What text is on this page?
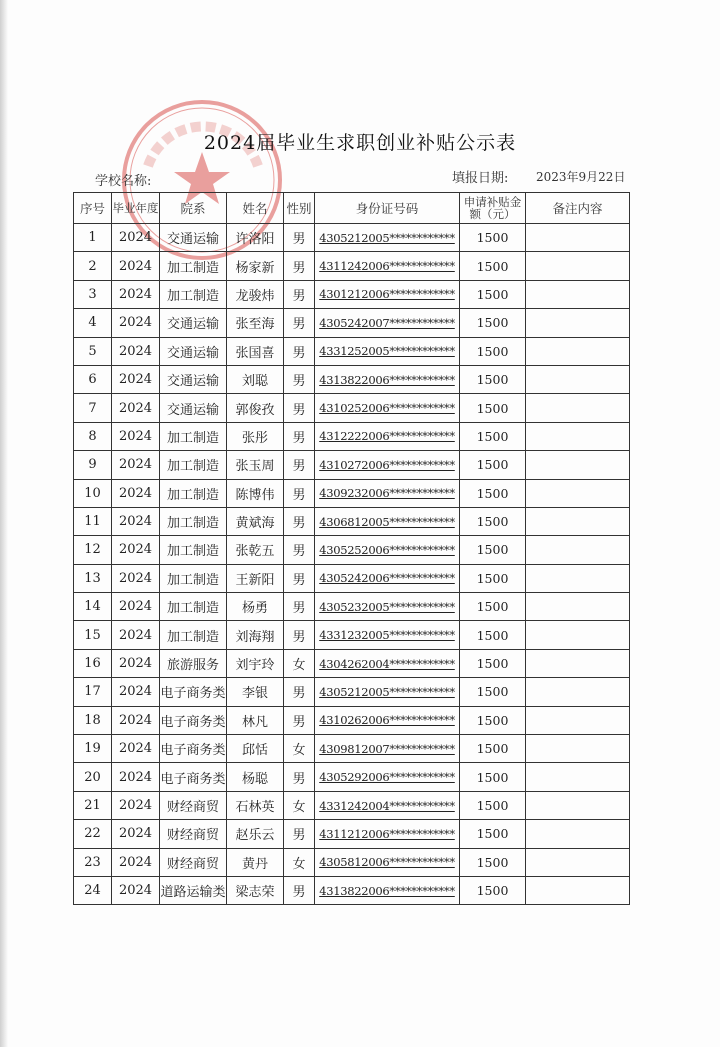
2024届毕业生求职创业补贴公示表
学校名称:	填报日期: 2023年9月22日
序号	毕业年度	院系	姓名	性别	身份证号码	申请补贴金额（元）	备注内容
1	2024	交通运输	许洛阳	男	4305212005************	1500	
2	2024	加工制造	杨家新	男	4311242006************	1500	
3	2024	加工制造	龙骏炜	男	4301212006************	1500	
4	2024	交通运输	张至海	男	4305242007************	1500	
5	2024	交通运输	张国喜	男	4331252005************	1500	
6	2024	交通运输	刘聪	男	4313822006************	1500	
7	2024	交通运输	郭俊孜	男	4310252006************	1500	
8	2024	加工制造	张彤	男	4312222006************	1500	
9	2024	加工制造	张玉周	男	4310272006************	1500	
10	2024	加工制造	陈博伟	男	4309232006************	1500	
11	2024	加工制造	黄斌海	男	4306812005************	1500	
12	2024	加工制造	张乾五	男	4305252006************	1500	
13	2024	加工制造	王新阳	男	4305242006************	1500	
14	2024	加工制造	杨勇	男	4305232005************	1500	
15	2024	加工制造	刘海翔	男	4331232005************	1500	
16	2024	旅游服务	刘宇玲	女	4304262004************	1500	
17	2024	电子商务类	李银	男	4305212005************	1500	
18	2024	电子商务类	林凡	男	4310262006************	1500	
19	2024	电子商务类	邱恬	女	4309812007************	1500	
20	2024	电子商务类	杨聪	男	4305292006************	1500	
21	2024	财经商贸	石林英	女	4331242004************	1500	
22	2024	财经商贸	赵乐云	男	4311212006************	1500	
23	2024	财经商贸	黄丹	女	4305812006************	1500	
24	2024	道路运输类	梁志荣	男	4313822006************	1500	
